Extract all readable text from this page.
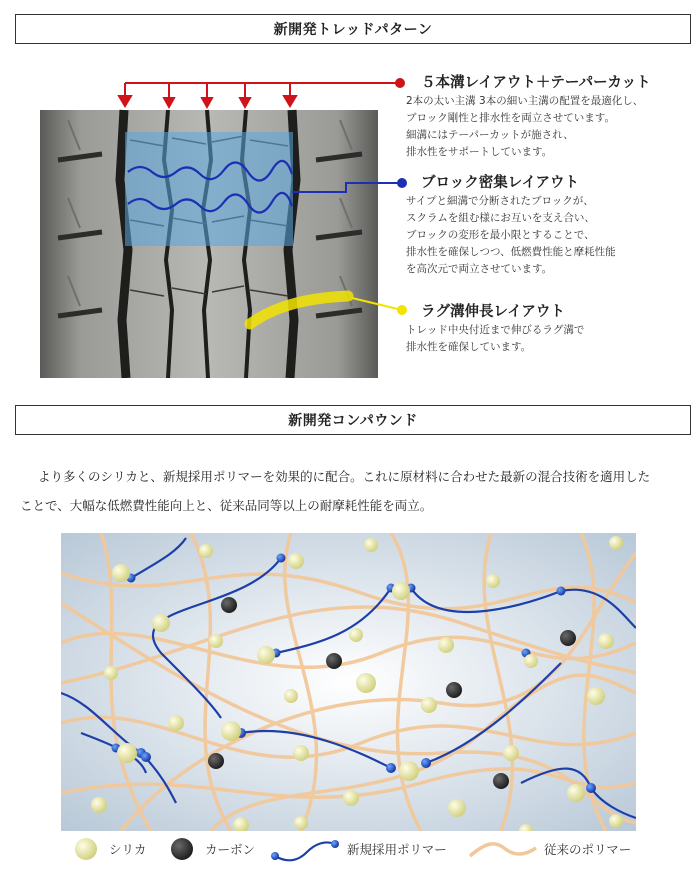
新開発トレッドパターン
５本溝レイアウト＋テーパーカット
2本の太い主溝 3本の細い主溝の配置を最適化し、
ブロック剛性と排水性を両立させています。
細溝にはテーパーカットが施され、
排水性をサポートしています。
ブロック密集レイアウト
サイプと細溝で分断されたブロックが、
スクラムを組む様にお互いを支え合い、
ブロックの変形を最小限とすることで、
排水性を確保しつつ、低燃費性能と摩耗性能
を高次元で両立させています。
ラグ溝伸長レイアウト
トレッド中央付近まで伸びるラグ溝で
排水性を確保しています。
新開発コンパウンド
より多くのシリカと、新規採用ポリマーを効果的に配合。これに原材料に合わせた最新の混合技術を適用した
ことで、大幅な低燃費性能向上と、従来品同等以上の耐摩耗性能を両立。
シリカ	カーボン	新規採用ポリマー	従来のポリマー
